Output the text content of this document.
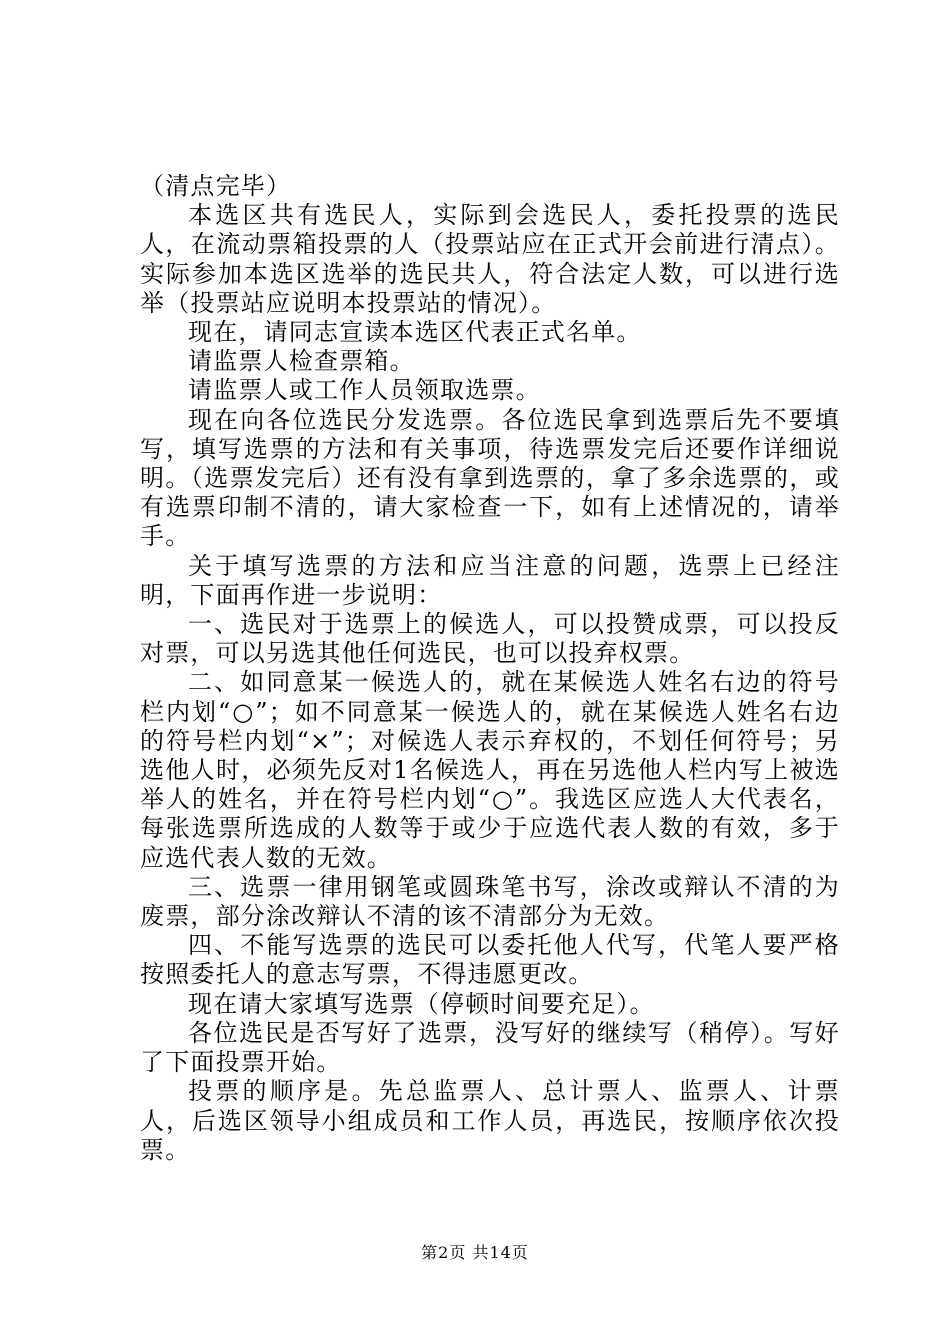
（清点完毕）

本选区共有选民人，实际到会选民人，委托投票的选民人，在流动票箱投票的人（投票站应在正式开会前进行清点）。实际参加本选区选举的选民共人，符合法定人数，可以进行选举（投票站应说明本投票站的情况）。

现在，请同志宣读本选区代表正式名单。

请监票人检查票箱。

请监票人或工作人员领取选票。

现在向各位选民分发选票。各位选民拿到选票后先不要填写，填写选票的方法和有关事项，待选票发完后还要作详细说明。（选票发完后）还有没有拿到选票的，拿了多余选票的，或有选票印制不清的，请大家检查一下，如有上述情况的，请举手。

关于填写选票的方法和应当注意的问题，选票上已经注明，下面再作进一步说明：

一、选民对于选票上的候选人，可以投赞成票，可以投反对票，可以另选其他任何选民，也可以投弃权票。

二、如同意某一候选人的，就在某候选人姓名右边的符号栏内划“○”；如不同意某一候选人的，就在某候选人姓名右边的符号栏内划“×”；对候选人表示弃权的，不划任何符号；另选他人时，必须先反对1名候选人，再在另选他人栏内写上被选举人的姓名，并在符号栏内划“○”。我选区应选人大代表名，每张选票所选成的人数等于或少于应选代表人数的有效，多于应选代表人数的无效。

三、选票一律用钢笔或圆珠笔书写，涂改或辩认不清的为废票，部分涂改辩认不清的该不清部分为无效。

四、不能写选票的选民可以委托他人代写，代笔人要严格按照委托人的意志写票，不得违愿更改。

现在请大家填写选票（停顿时间要充足）。

各位选民是否写好了选票，没写好的继续写（稍停）。写好了下面投票开始。

投票的顺序是。先总监票人、总计票人、监票人、计票人，后选区领导小组成员和工作人员，再选民，按顺序依次投票。

第2页 共14页
